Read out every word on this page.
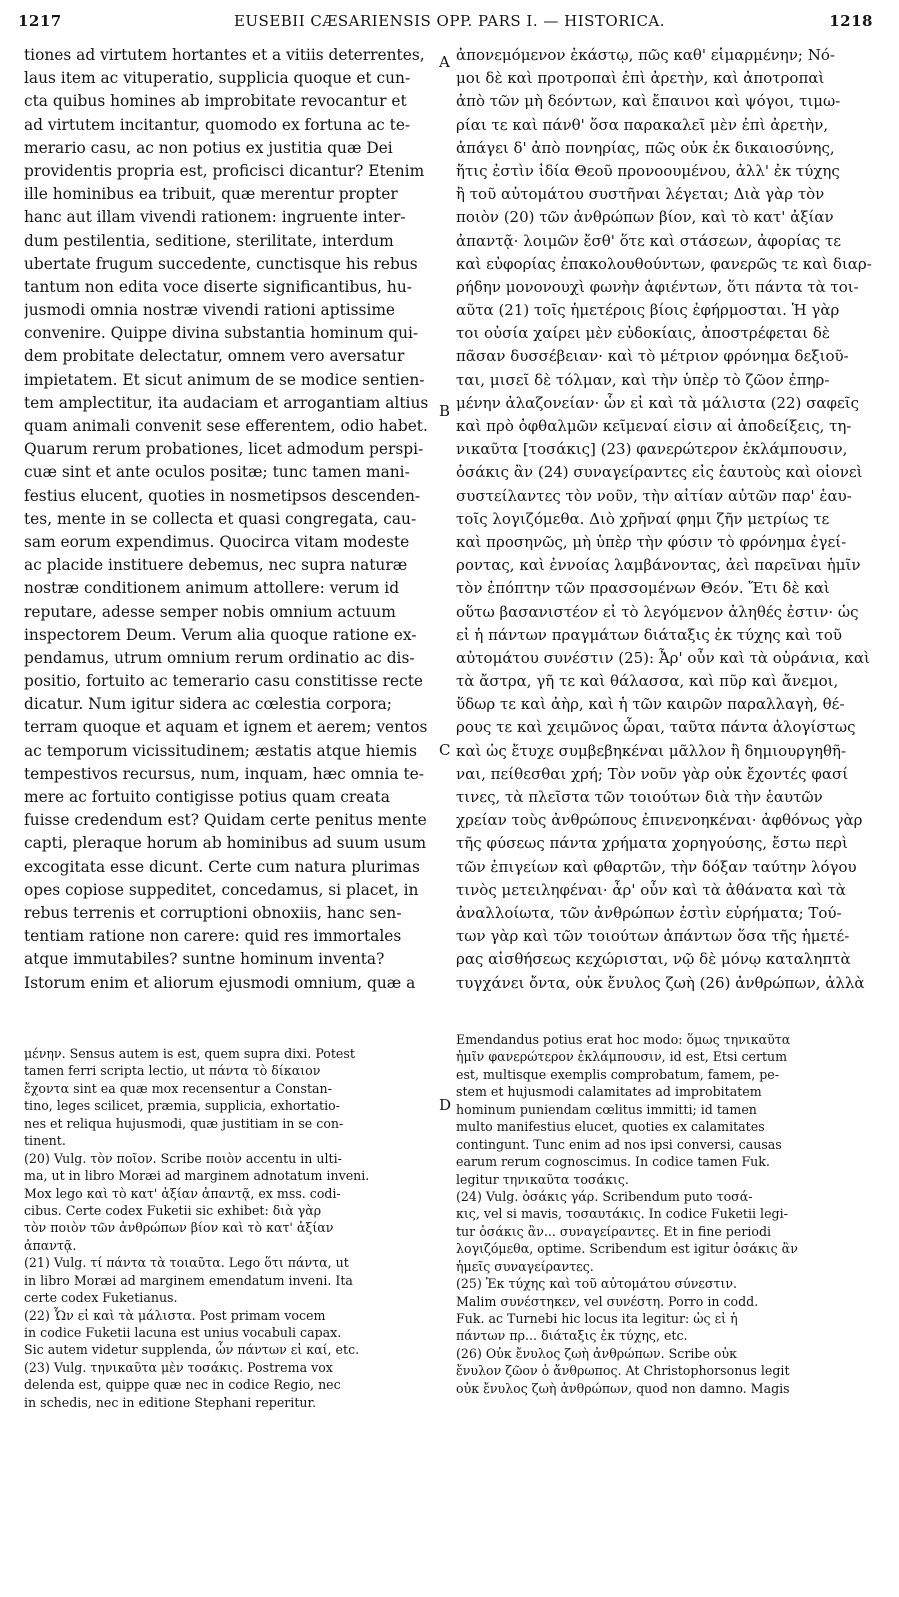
1217	EUSEBII CÆSARIENSIS OPP. PARS I. — HISTORICA.	1218
tiones ad virtutem hortantes et a vitiis deterrentes,
laus item ac vituperatio, supplicia quoque et cun-
cta quibus homines ab improbitate revocantur et
ad virtutem incitantur, quomodo ex fortuna ac te-
merario casu, ac non potius ex justitia quæ Dei
providentis propria est, proficisci dicantur? Etenim
ille hominibus ea tribuit, quæ merentur propter
hanc aut illam vivendi rationem: ingruente inter-
dum pestilentia, seditione, sterilitate, interdum
ubertate frugum succedente, cunctisque his rebus
tantum non edita voce diserte significantibus, hu-
jusmodi omnia nostræ vivendi rationi aptissime
convenire. Quippe divina substantia hominum qui-
dem probitate delectatur, omnem vero aversatur
impietatem. Et sicut animum de se modice sentien-
tem amplectitur, ita audaciam et arrogantiam altius
quam animali convenit sese efferentem, odio habet.
Quarum rerum probationes, licet admodum perspi-
cuæ sint et ante oculos positæ; tunc tamen mani-
festius elucent, quoties in nosmetipsos descenden-
tes, mente in se collecta et quasi congregata, cau-
sam eorum expendimus. Quocirca vitam modeste
ac placide instituere debemus, nec supra naturæ
nostræ conditionem animum attollere: verum id
reputare, adesse semper nobis omnium actuum
inspectorem Deum. Verum alia quoque ratione ex-
pendamus, utrum omnium rerum ordinatio ac dis-
positio, fortuito ac temerario casu constitisse recte
dicatur. Num igitur sidera ac cœlestia corpora;
terram quoque et aquam et ignem et aerem; ventos
ac temporum vicissitudinem; æstatis atque hiemis
tempestivos recursus, num, inquam, hæc omnia te-
mere ac fortuito contigisse potius quam creata
fuisse credendum est? Quidam certe penitus mente
capti, pleraque horum ab hominibus ad suum usum
excogitata esse dicunt. Certe cum natura plurimas
opes copiose suppeditet, concedamus, si placet, in
rebus terrenis et corruptioni obnoxiis, hanc sen-
tentiam ratione non carere: quid res immortales
atque immutabiles? suntne hominum inventa?
Istorum enim et aliorum ejusmodi omnium, quæ a
ἀπονεμόμενον ἑκάστῳ, πῶς καθ' εἱμαρμένην; Νό-
μοι δὲ καὶ προτροπαὶ ἐπὶ ἀρετὴν, καὶ ἀποτροπαὶ
ἀπὸ τῶν μὴ δεόντων, καὶ ἔπαινοι καὶ ψόγοι, τιμω-
ρίαι τε καὶ πάνθ' ὅσα παρακαλεῖ μὲν ἐπὶ ἀρετὴν,
ἀπάγει δ' ἀπὸ πονηρίας, πῶς οὐκ ἐκ δικαιοσύνης,
ἥτις ἐστὶν ἰδία Θεοῦ προνοουμένου, ἀλλ' ἐκ τύχης
ἢ τοῦ αὐτομάτου συστῆναι λέγεται; Διὰ γὰρ τὸν
ποιὸν (20) τῶν ἀνθρώπων βίον, καὶ τὸ κατ' ἀξίαν
ἀπαντᾷ· λοιμῶν ἔσθ' ὅτε καὶ στάσεων, ἀφορίας τε
καὶ εὐφορίας ἐπακολουθούντων, φανερῶς τε καὶ διαρ-
ρήδην μονονουχὶ φωνὴν ἀφιέντων, ὅτι πάντα τὰ τοι-
αῦτα (21) τοῖς ἡμετέροις βίοις ἐφήρμοσται. Ἡ γὰρ
τοι οὐσία χαίρει μὲν εὐδοκίαις, ἀποστρέφεται δὲ
πᾶσαν δυσσέβειαν· καὶ τὸ μέτριον φρόνημα δεξιοῦ-
ται, μισεῖ δὲ τόλμαν, καὶ τὴν ὑπὲρ τὸ ζῶον ἐπηρ-
μένην ἀλαζονείαν· ὧν εἰ καὶ τὰ μάλιστα (22) σαφεῖς
καὶ πρὸ ὀφθαλμῶν κεῖμεναί εἰσιν αἱ ἀποδείξεις, τη-
νικαῦτα [τοσάκις] (23) φανερώτερον ἐκλάμπουσιν,
ὁσάκις ἂν (24) συναγείραντες εἰς ἑαυτοὺς καὶ οἱονεὶ
συστείλαντες τὸν νοῦν, τὴν αἰτίαν αὐτῶν παρ' ἑαυ-
τοῖς λογιζόμεθα. Διὸ χρῆναί φημι ζῆν μετρίως τε
καὶ προσηνῶς, μὴ ὑπὲρ τὴν φύσιν τὸ φρόνημα ἐγεί-
ροντας, καὶ ἐννοίας λαμβάνοντας, ἀεὶ παρεῖναι ἡμῖν
τὸν ἐπόπτην τῶν πρασσομένων Θεόν. Ἔτι δὲ καὶ
οὕτω βασανιστέον εἰ τὸ λεγόμενον ἀληθές ἐστιν· ὡς
εἰ ἡ πάντων πραγμάτων διάταξις ἐκ τύχης καὶ τοῦ
αὐτομάτου συνέστιν (25): Ἆρ' οὖν καὶ τὰ οὐράνια, καὶ
τὰ ἄστρα, γῆ τε καὶ θάλασσα, καὶ πῦρ καὶ ἄνεμοι,
ὕδωρ τε καὶ ἀὴρ, καὶ ἡ τῶν καιρῶν παραλλαγὴ, θέ-
ρους τε καὶ χειμῶνος ὧραι, ταῦτα πάντα ἀλογίστως
καὶ ὡς ἔτυχε συμβεβηκέναι μᾶλλον ἢ δημιουργηθῆ-
ναι, πείθεσθαι χρή; Τὸν νοῦν γὰρ οὐκ ἔχοντές φασί
τινες, τὰ πλεῖστα τῶν τοιούτων διὰ τὴν ἑαυτῶν
χρείαν τοὺς ἀνθρώπους ἐπινενοηκέναι· ἀφθόνως γὰρ
τῆς φύσεως πάντα χρήματα χορηγούσης, ἔστω περὶ
τῶν ἐπιγείων καὶ φθαρτῶν, τὴν δόξαν ταύτην λόγου
τινὸς μετειληφέναι· ἆρ' οὖν καὶ τὰ ἀθάνατα καὶ τὰ
ἀναλλοίωτα, τῶν ἀνθρώπων ἐστὶν εὑρήματα; Τού-
των γὰρ καὶ τῶν τοιούτων ἁπάντων ὅσα τῆς ἡμετέ-
ρας αἰσθήσεως κεχώρισται, νῷ δὲ μόνῳ καταληπτὰ
τυγχάνει ὄντα, οὐκ ἔνυλος ζωὴ (26) ἀνθρώπων, ἀλλὰ
A
B
C
D
μένην. Sensus autem is est, quem supra dixi. Potest
tamen ferri scripta lectio, ut πάντα τὸ δίκαιον
ἔχοντα sint ea quæ mox recensentur a Constan-
tino, leges scilicet, præmia, supplicia, exhortatio-
nes et reliqua hujusmodi, quæ justitiam in se con-
tinent.
(20) Vulg. τὸν ποῖον. Scribe ποιὸν accentu in ulti-
ma, ut in libro Moræi ad marginem adnotatum inveni.
Mox lego καὶ τὸ κατ' ἀξίαν ἀπαντᾷ, ex mss. codi-
cibus. Certe codex Fuketii sic exhibet: διὰ γὰρ
τὸν ποιὸν τῶν ἀνθρώπων βίον καὶ τὸ κατ' ἀξίαν
ἀπαντᾷ.
(21) Vulg. τί πάντα τὰ τοιαῦτα. Lego ὅτι πάντα, ut
in libro Moræi ad marginem emendatum inveni. Ita
certe codex Fuketianus.
(22) Ὧν εἰ καὶ τὰ μάλιστα. Post primam vocem
in codice Fuketii lacuna est unius vocabuli capax.
Sic autem videtur supplenda, ὧν πάντων εἰ καί, etc.
(23) Vulg. τηνικαῦτα μὲν τοσάκις. Postrema vox
delenda est, quippe quæ nec in codice Regio, nec
in schedis, nec in editione Stephani reperitur.
Emendandus potius erat hoc modo: ὅμως τηνικαῦτα
ἡμῖν φανερώτερον ἐκλάμπουσιν, id est, Etsi certum
est, multisque exemplis comprobatum, famem, pe-
stem et hujusmodi calamitates ad improbitatem
hominum puniendam cœlitus immitti; id tamen
multo manifestius elucet, quoties ex calamitates
contingunt. Tunc enim ad nos ipsi conversi, causas
earum rerum cognoscimus. In codice tamen Fuk.
legitur τηνικαῦτα τοσάκις.
(24) Vulg. ὁσάκις γάρ. Scribendum puto τοσά-
κις, vel si mavis, τοσαυτάκις. In codice Fuketii legi-
tur ὁσάκις ἂν... συναγείραντες. Et in fine periodi
λογιζόμεθα, optime. Scribendum est igitur ὁσάκις ἂν
ἡμεῖς συναγείραντες.
(25) Ἐκ τύχης καὶ τοῦ αὐτομάτου σύνεστιν.
Malim συνέστηκεν, vel συνέστη. Porro in codd.
Fuk. ac Turnebi hic locus ita legitur: ὡς εἰ ἡ
πάντων πρ... διάταξις ἐκ τύχης, etc.
(26) Οὐκ ἔνυλος ζωὴ ἀνθρώπων. Scribe οὐκ
ἔνυλον ζῶον ὁ ἄνθρωπος. At Christophorsonus legit
οὐκ ἔνυλος ζωὴ ἀνθρώπων, quod non damno. Magis
